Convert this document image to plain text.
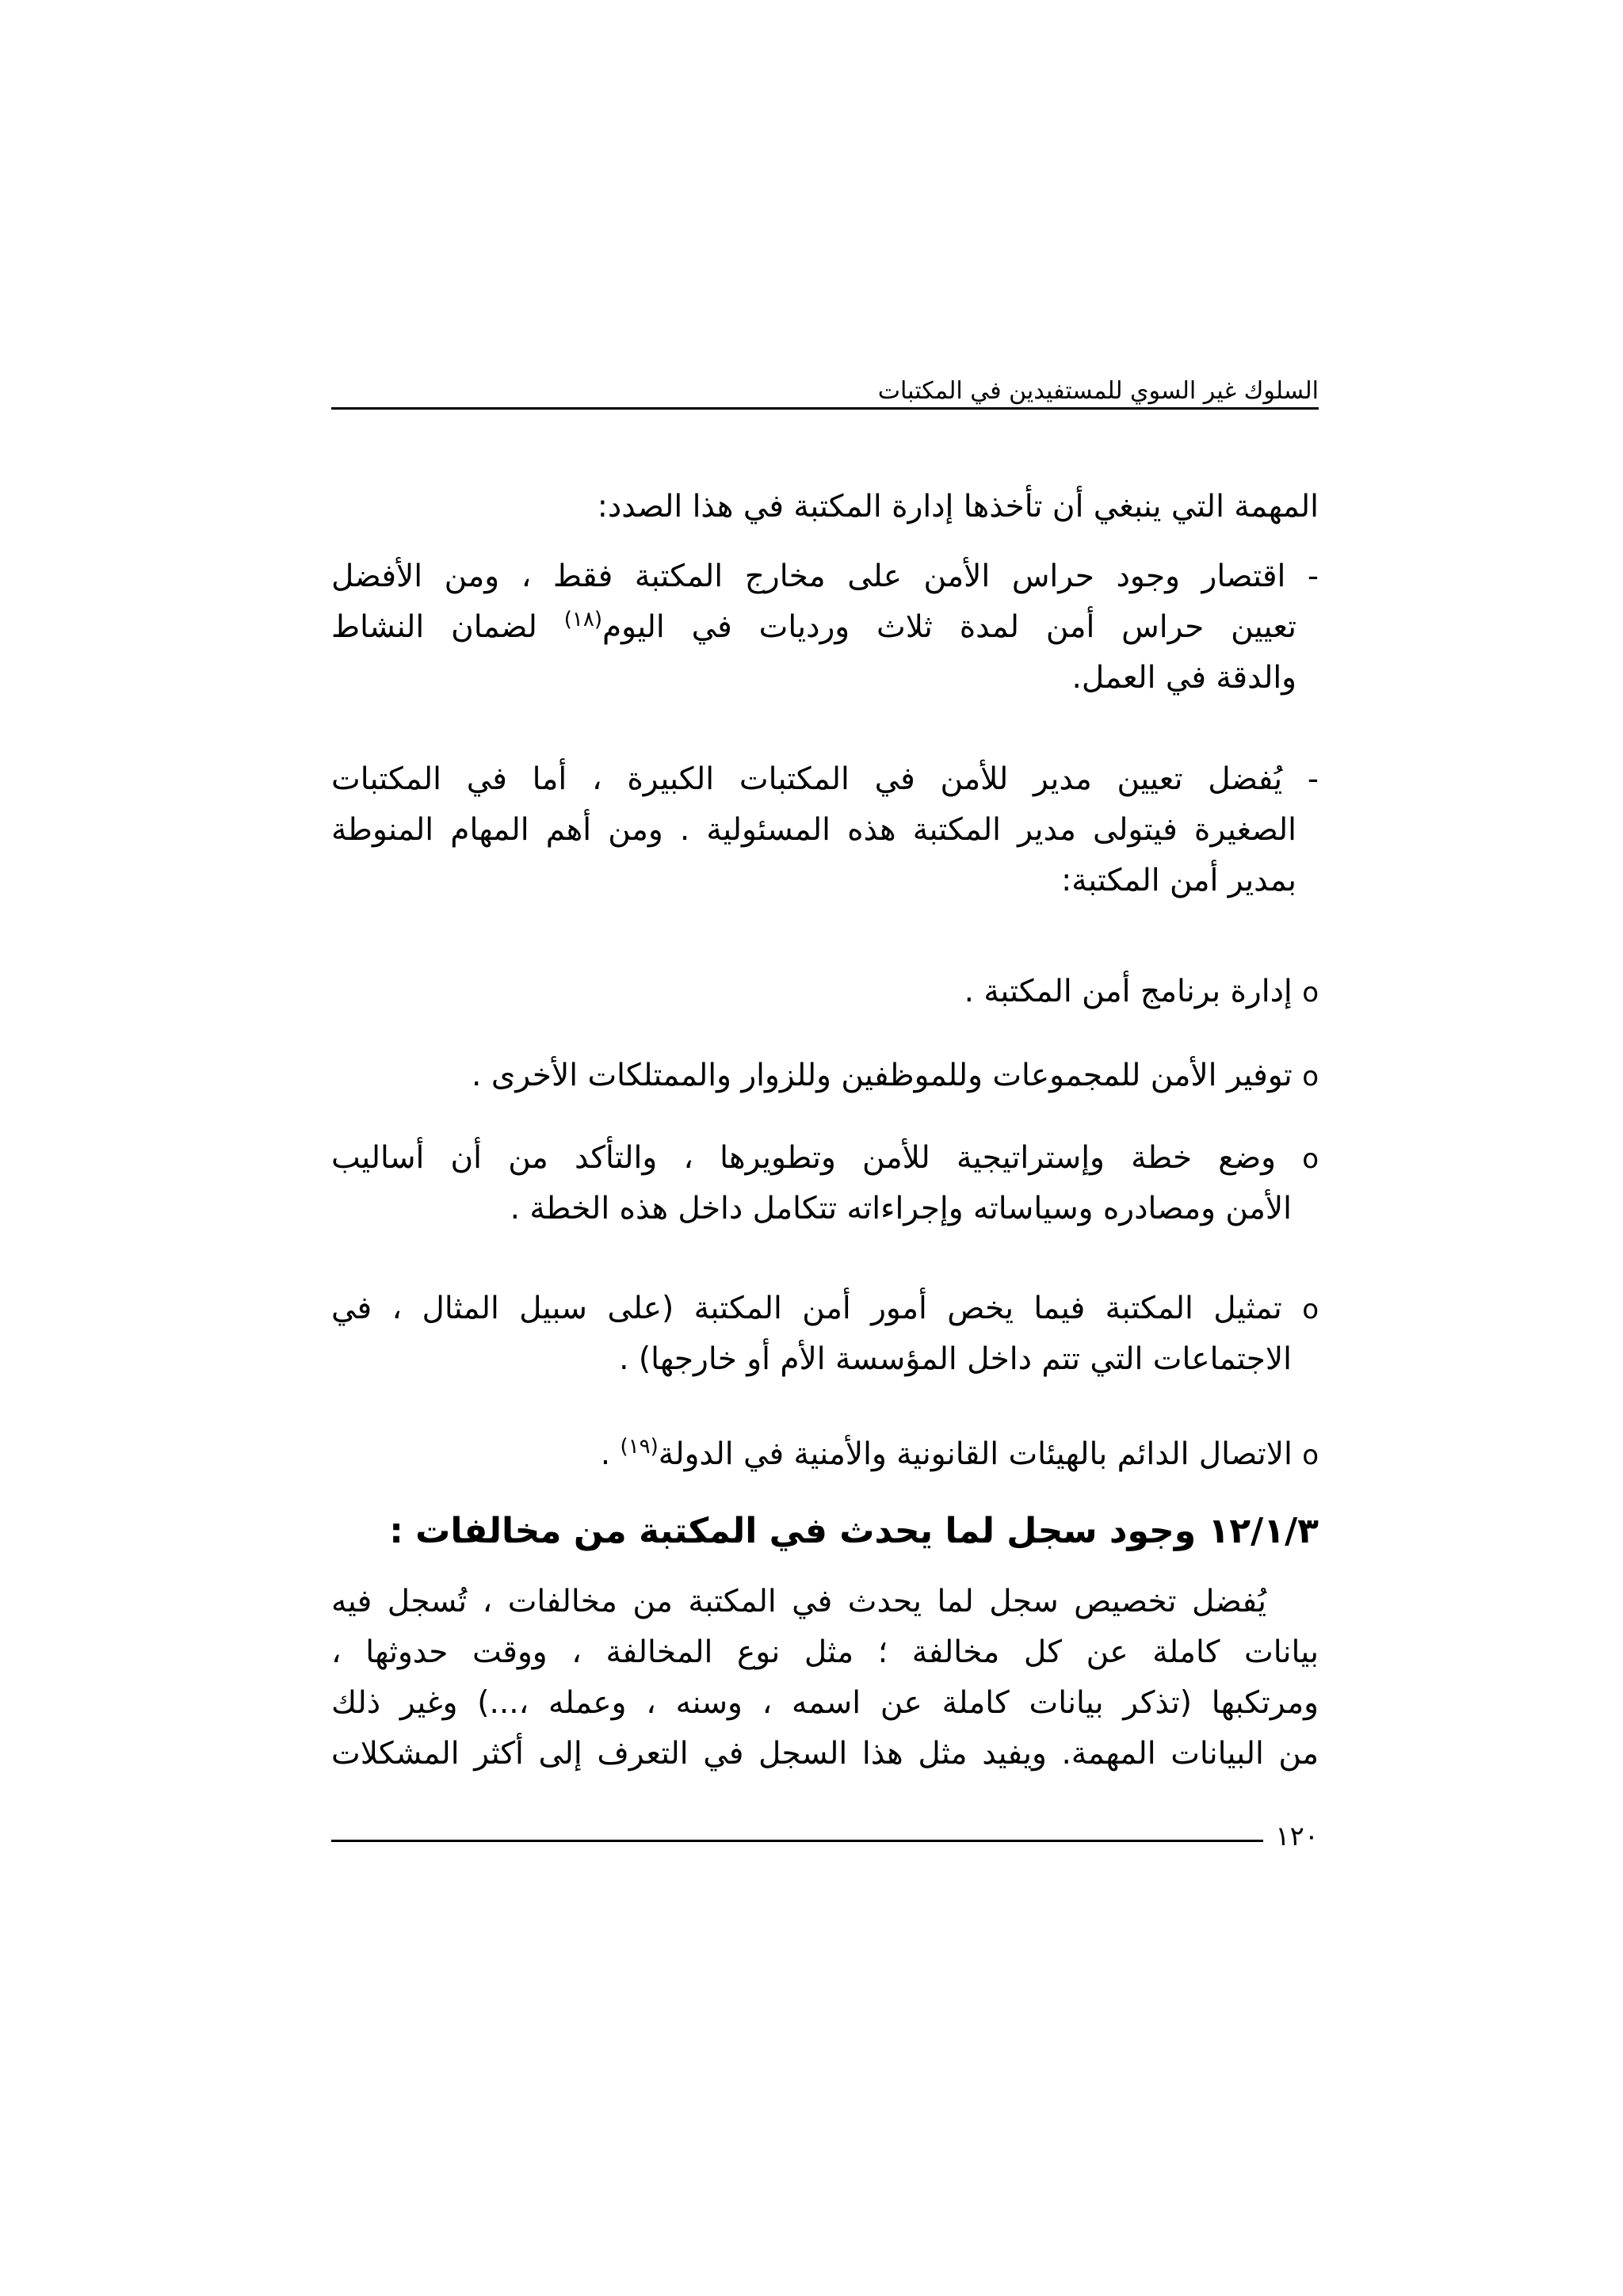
السلوك غير السوي للمستفيدين في المكتبات
المهمة التي ينبغي أن تأخذها إدارة المكتبة في هذا الصدد:
- اقتصار وجود حراس الأمن على مخارج المكتبة فقط ، ومن الأفضل
تعيين حراس أمن لمدة ثلاث ورديات في اليوم$^{(١٨)}$ لضمان النشاط
والدقة في العمل.
- يُفضل تعيين مدير للأمن في المكتبات الكبيرة ، أما في المكتبات
الصغيرة فيتولى مدير المكتبة هذه المسئولية . ومن أهم المهام المنوطة
بمدير أمن المكتبة:
o إدارة برنامج أمن المكتبة .
o توفير الأمن للمجموعات وللموظفين وللزوار والممتلكات الأخرى .
o وضع خطة وإستراتيجية للأمن وتطويرها ، والتأكد من أن أساليب
الأمن ومصادره وسياساته وإجراءاته تتكامل داخل هذه الخطة .
o تمثيل المكتبة فيما يخص أمور أمن المكتبة (على سبيل المثال ، في
الاجتماعات التي تتم داخل المؤسسة الأم أو خارجها) .
o الاتصال الدائم بالهيئات القانونية والأمنية في الدولة$^{(١٩)}$ .
١٢/١/٣ وجود سجل لما يحدث في المكتبة من مخالفات :
يُفضل تخصيص سجل لما يحدث في المكتبة من مخالفات ، تُسجل فيه
بيانات كاملة عن كل مخالفة ؛ مثل نوع المخالفة ، ووقت حدوثها ،
ومرتكبها (تذكر بيانات كاملة عن اسمه ، وسنه ، وعمله ،...) وغير ذلك
من البيانات المهمة. ويفيد مثل هذا السجل في التعرف إلى أكثر المشكلات
١٢٠
